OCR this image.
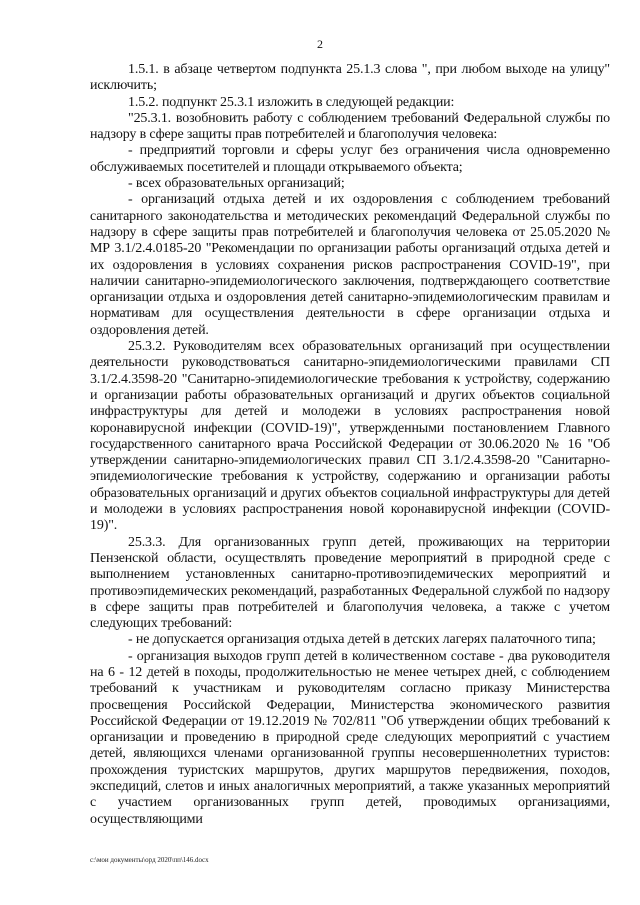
2

1.5.1. в абзаце четвертом подпункта 25.1.3 слова ", при любом выходе на улицу" исключить;

1.5.2. подпункт 25.3.1 изложить в следующей редакции:

"25.3.1. возобновить работу с соблюдением требований Федеральной службы по надзору в сфере защиты прав потребителей и благополучия человека:

- предприятий торговли и сферы услуг без ограничения числа одновременно обслуживаемых посетителей и площади открываемого объекта;

- всех образовательных организаций;

- организаций отдыха детей и их оздоровления с соблюдением требований санитарного законодательства и методических рекомендаций Федеральной службы по надзору в сфере защиты прав потребителей и благополучия человека от 25.05.2020 № МР 3.1/2.4.0185-20 "Рекомендации по организации работы организаций отдыха детей и их оздоровления в условиях сохранения рисков распространения COVID-19", при наличии санитарно-эпидемиологического заключения, подтверждающего соответствие организации отдыха и оздоровления детей санитарно-эпидемиологическим правилам и нормативам для осуществления деятельности в сфере организации отдыха и оздоровления детей.

25.3.2. Руководителям всех образовательных организаций при осуществлении деятельности руководствоваться санитарно-эпидемиологическими правилами СП 3.1/2.4.3598-20 "Санитарно-эпидемиологические требования к устройству, содержанию и организации работы образовательных организаций и других объектов социальной инфраструктуры для детей и молодежи в условиях распространения новой коронавирусной инфекции (COVID-19)", утвержденными постановлением Главного государственного санитарного врача Российской Федерации от 30.06.2020 № 16 "Об утверждении санитарно-эпидемиологических правил СП 3.1/2.4.3598-20 "Санитарно-эпидемиологические требования к устройству, содержанию и организации работы образовательных организаций и других объектов социальной инфраструктуры для детей и молодежи в условиях распространения новой коронавирусной инфекции (COVID-19)".

25.3.3. Для организованных групп детей, проживающих на территории Пензенской области, осуществлять проведение мероприятий в природной среде с выполнением установленных санитарно-противоэпидемических мероприятий и противоэпидемических рекомендаций, разработанных Федеральной службой по надзору в сфере защиты прав потребителей и благополучия человека, а также с учетом следующих требований:

- не допускается организация отдыха детей в детских лагерях палаточного типа;

- организация выходов групп детей в количественном составе - два руководителя на 6 - 12 детей в походы, продолжительностью не менее четырех дней, с соблюдением требований к участникам и руководителям согласно приказу Министерства просвещения Российской Федерации, Министерства экономического развития Российской Федерации от 19.12.2019 № 702/811 "Об утверждении общих требований к организации и проведению в природной среде следующих мероприятий с участием детей, являющихся членами организованной группы несовершеннолетних туристов: прохождения туристских маршрутов, других маршрутов передвижения, походов, экспедиций, слетов и иных аналогичных мероприятий, а также указанных мероприятий с участием организованных групп детей, проводимых организациями, осуществляющими

c:\мои документы\орд 2020\пп\146.docx
